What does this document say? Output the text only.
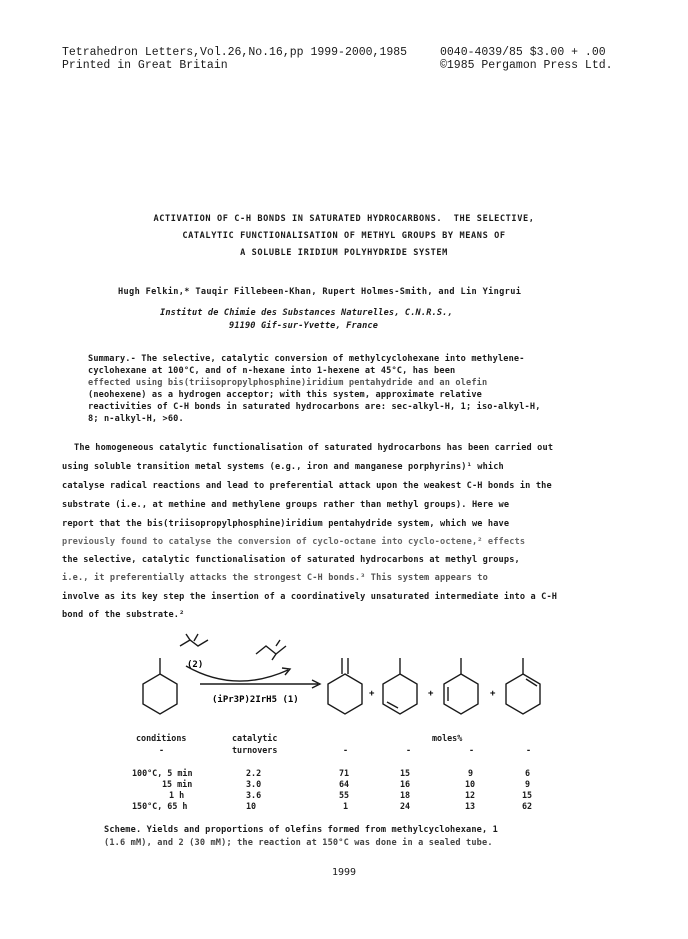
Tetrahedron Letters,Vol.26,No.16,pp 1999-2000,1985
Printed in Great Britain
0040-4039/85 $3.00 + .00
©1985 Pergamon Press Ltd.
ACTIVATION OF C-H BONDS IN SATURATED HYDROCARBONS.  THE SELECTIVE,
CATALYTIC FUNCTIONALISATION OF METHYL GROUPS BY MEANS OF
A SOLUBLE IRIDIUM POLYHYDRIDE SYSTEM
Hugh Felkin,* Tauqir Fillebeen-Khan, Rupert Holmes-Smith, and Lin Yingrui
Institut de Chimie des Substances Naturelles, C.N.R.S.,
91190 Gif-sur-Yvette, France
Summary.- The selective, catalytic conversion of methylcyclohexane into methylene-
cyclohexane at 100°C, and of n-hexane into 1-hexene at 45°C, has been
effected using bis(triisopropylphosphine)iridium pentahydride and an olefin
(neohexene) as a hydrogen acceptor; with this system, approximate relative
reactivities of C-H bonds in saturated hydrocarbons are: sec-alkyl-H, 1; iso-alkyl-H,
8; n-alkyl-H, >60.
The homogeneous catalytic functionalisation of saturated hydrocarbons has been carried out
using soluble transition metal systems (e.g., iron and manganese porphyrins)¹ which
catalyse radical reactions and lead to preferential attack upon the weakest C-H bonds in the
substrate (i.e., at methine and methylene groups rather than methyl groups). Here we
report that the bis(triisopropylphosphine)iridium pentahydride system, which we have
previously found to catalyse the conversion of cyclo-octane into cyclo-octene,² effects
the selective, catalytic functionalisation of saturated hydrocarbons at methyl groups,
i.e., it preferentially attacks the strongest C-H bonds.³ This system appears to
involve as its key step the insertion of a coordinatively unsaturated intermediate into a C-H
bond of the substrate.²
(2)
(iPr3P)2IrH5 (1)
+	+	+
conditions	catalytic	moles%
-	turnovers	-	-	-	-
100°C, 5 min	2.2	71	15	9	6
15 min	3.0	64	16	10	9
1 h	3.6	55	18	12	15
150°C, 65 h	10	1	24	13	62
Scheme. Yields and proportions of olefins formed from methylcyclohexane, 1
(1.6 mM), and 2 (30 mM); the reaction at 150°C was done in a sealed tube.
1999
